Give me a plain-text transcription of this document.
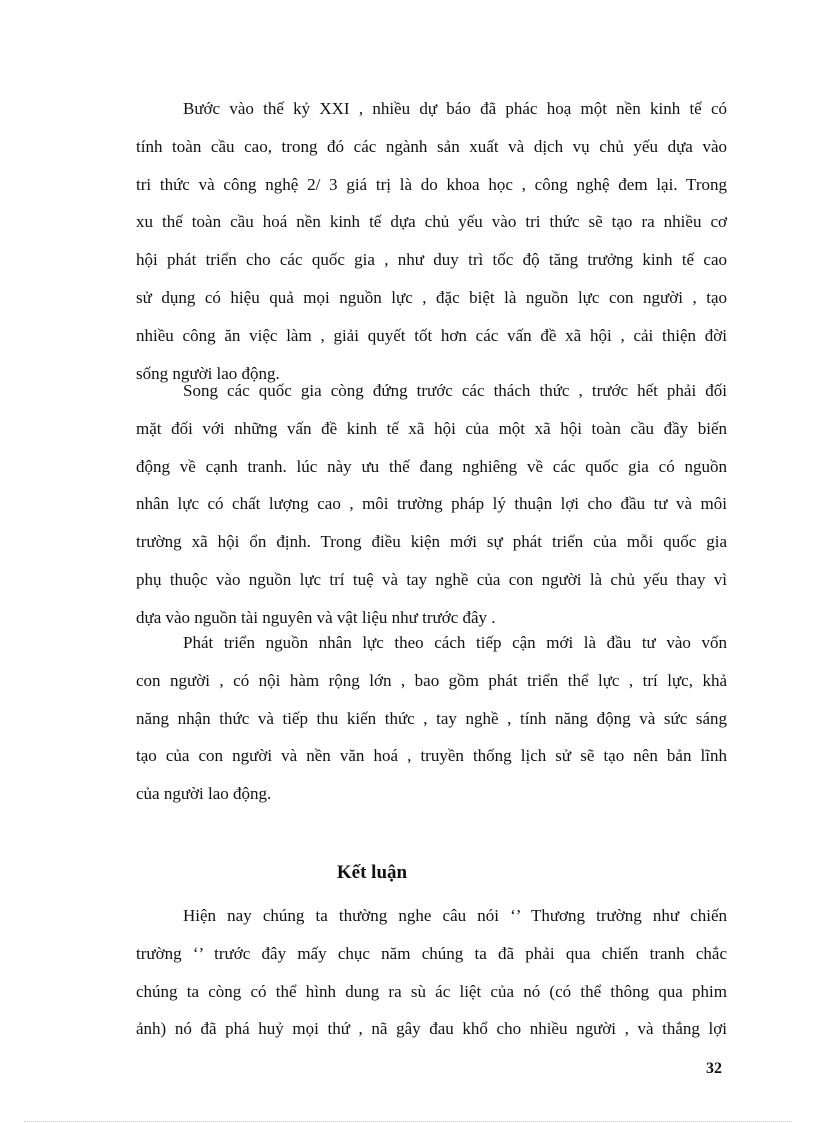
Bước vào thế kỷ XXI , nhiều dự báo đã phác hoạ một nền kinh tế có
tính toàn cầu cao, trong đó các ngành sản xuất và dịch vụ chủ yếu dựa vào
tri thức và công nghệ 2/ 3 giá trị là do khoa học , công nghệ đem lại. Trong
xu thế toàn cầu hoá nền kinh tế dựa chủ yếu vào tri thức sẽ tạo ra nhiều cơ
hội phát triển cho các quốc gia , như duy trì tốc độ tăng trưởng kinh tế cao
sử dụng có hiệu quả mọi nguồn lực , đặc biệt là nguồn lực con người , tạo
nhiều công ăn việc làm , giải quyết tốt hơn các vấn đề xã hội , cải thiện đời
sống người lao động.
Song các quốc gia còng đứng trước các thách thức , trước hết phải đối
mặt đối với những vấn đề kinh tế xã hội của một xã hội toàn cầu đầy biến
động về cạnh tranh. lúc này ưu thế đang nghiêng về các quốc gia có nguồn
nhân lực có chất lượng cao , môi trường pháp lý thuận lợi cho đầu tư và môi
trường xã hội ổn định. Trong điều kiện mới sự phát triển của mỗi quốc gia
phụ thuộc vào nguồn lực trí tuệ và tay nghề của con người là chủ yếu thay vì
dựa vào nguồn tài nguyên và vật liệu như trước đây .
Phát triển nguồn nhân lực theo cách tiếp cận mới là đầu tư vào vốn
con người , có nội hàm rộng lớn , bao gồm phát triển thể lực , trí lực, khả
năng nhận thức và tiếp thu kiến thức , tay nghề , tính năng động và sức sáng
tạo của con người và nền văn hoá , truyền thống lịch sử sẽ tạo nên bản lĩnh
của người lao động.
Kết luận
Hiện nay chúng ta thường nghe câu nói ‘’ Thương trường như chiến
trường ‘’ trước đây mấy chục năm chúng ta đã phải qua chiến tranh chắc
chúng ta còng có thể hình dung ra sù ác liệt của nó (có thể thông qua phim
ảnh) nó đã phá huỷ mọi thứ , nã gây đau khổ cho nhiều người , và thắng lợi
32
